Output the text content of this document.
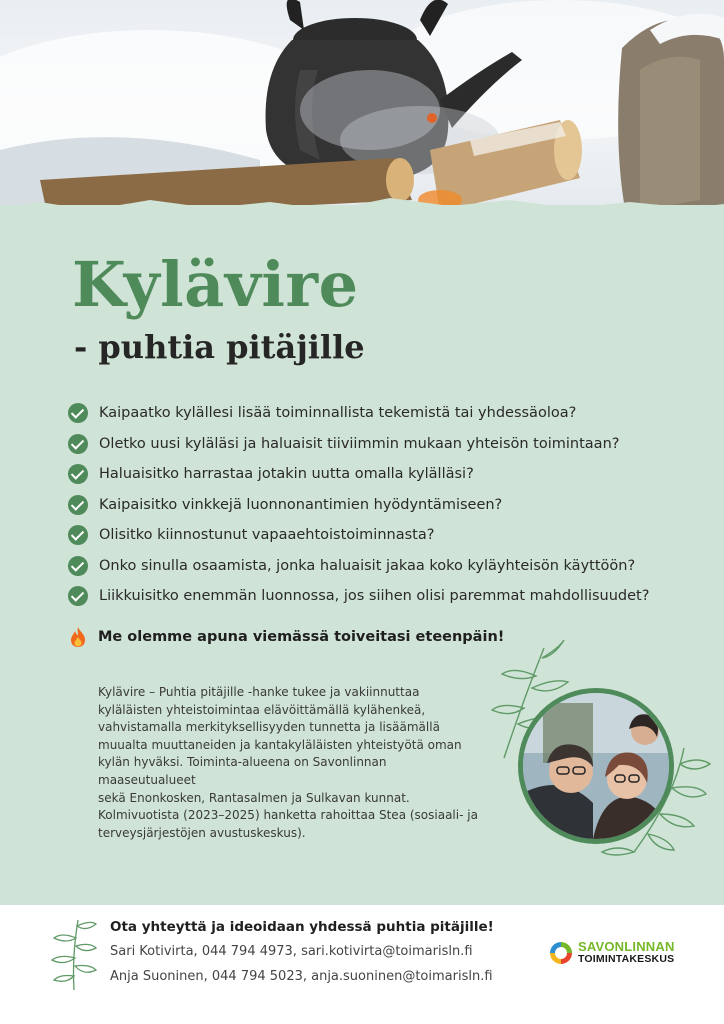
Kylävire
- puhtia pitäjille
Kaipaatko kylällesi lisää toiminnallista tekemistä tai yhdessäoloa?
Oletko uusi kyläläsi ja haluaisit tiiviimmin mukaan yhteisön toimintaan?
Haluaisitko harrastaa jotakin uutta omalla kylälläsi?
Kaipaisitko vinkkejä luonnonantimien hyödyntämiseen?
Olisitko kiinnostunut vapaaehtoistoiminnasta?
Onko sinulla osaamista, jonka haluaisit jakaa koko kyläyhteisön käyttöön?
Liikkuisitko enemmän luonnossa, jos siihen olisi paremmat mahdollisuudet?
Me olemme apuna viemässä toiveitasi eteenpäin!
Kylävire – Puhtia pitäjille -hanke tukee ja vakiinnuttaa
kyläläisten yhteistoimintaa elävöittämällä kylähenkeä,
vahvistamalla merkityksellisyyden tunnetta ja lisäämällä
muualta muuttaneiden ja kantakyläläisten yhteistyötä oman
kylän hyväksi. Toiminta-alueena on Savonlinnan maaseutualueet
sekä Enonkosken, Rantasalmen ja Sulkavan kunnat.
Kolmivuotista (2023–2025) hanketta rahoittaa Stea (sosiaali- ja
terveysjärjestöjen avustuskeskus).
Ota yhteyttä ja ideoidaan yhdessä puhtia pitäjille!
Sari Kotivirta, 044 794 4973, sari.kotivirta@toimarisln.fi
Anja Suoninen, 044 794 5023, anja.suoninen@toimarisln.fi
SAVONLINNAN
TOIMINTAKESKUS
